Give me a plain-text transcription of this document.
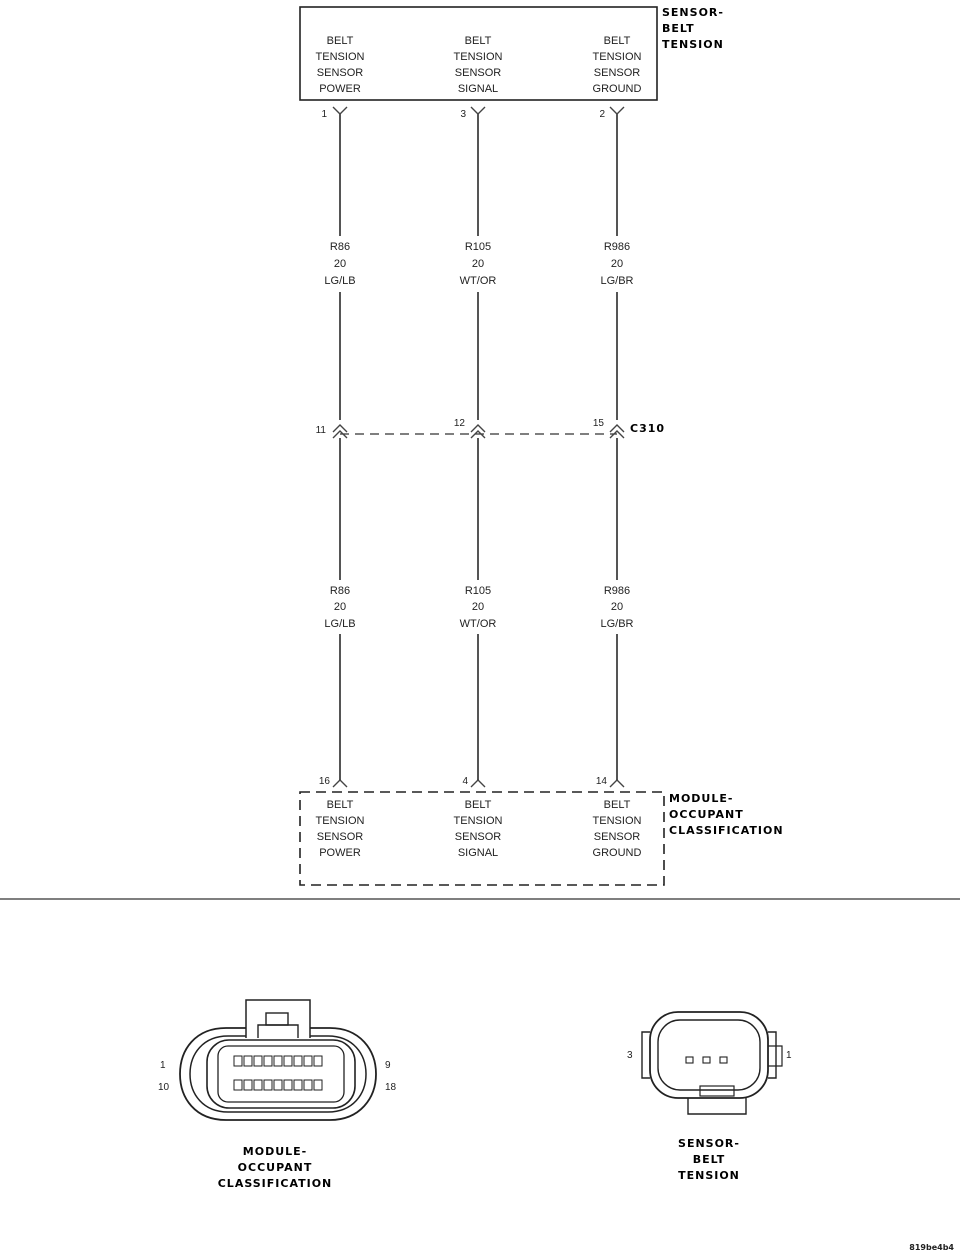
SENSOR-
BELT
TENSION
BELT
TENSION
SENSOR
POWER
BELT
TENSION
SENSOR
SIGNAL
BELT
TENSION
SENSOR
GROUND
1	3	2
R86
20
LG/LB
R105
20
WT/OR
R986
20
LG/BR
11
12	15 C310
R86
20
LG/LB
R105
20
WT/OR
R986
20
LG/BR
16	4	14
MODULE-
OCCUPANT
CLASSIFICATION
BELT
TENSION
SENSOR
POWER
BELT
TENSION
SENSOR
SIGNAL
BELT
TENSION
SENSOR
GROUND
1
10
9
18
MODULE-
OCCUPANT
CLASSIFICATION
3	1
SENSOR-
BELT
TENSION
819be4b4
